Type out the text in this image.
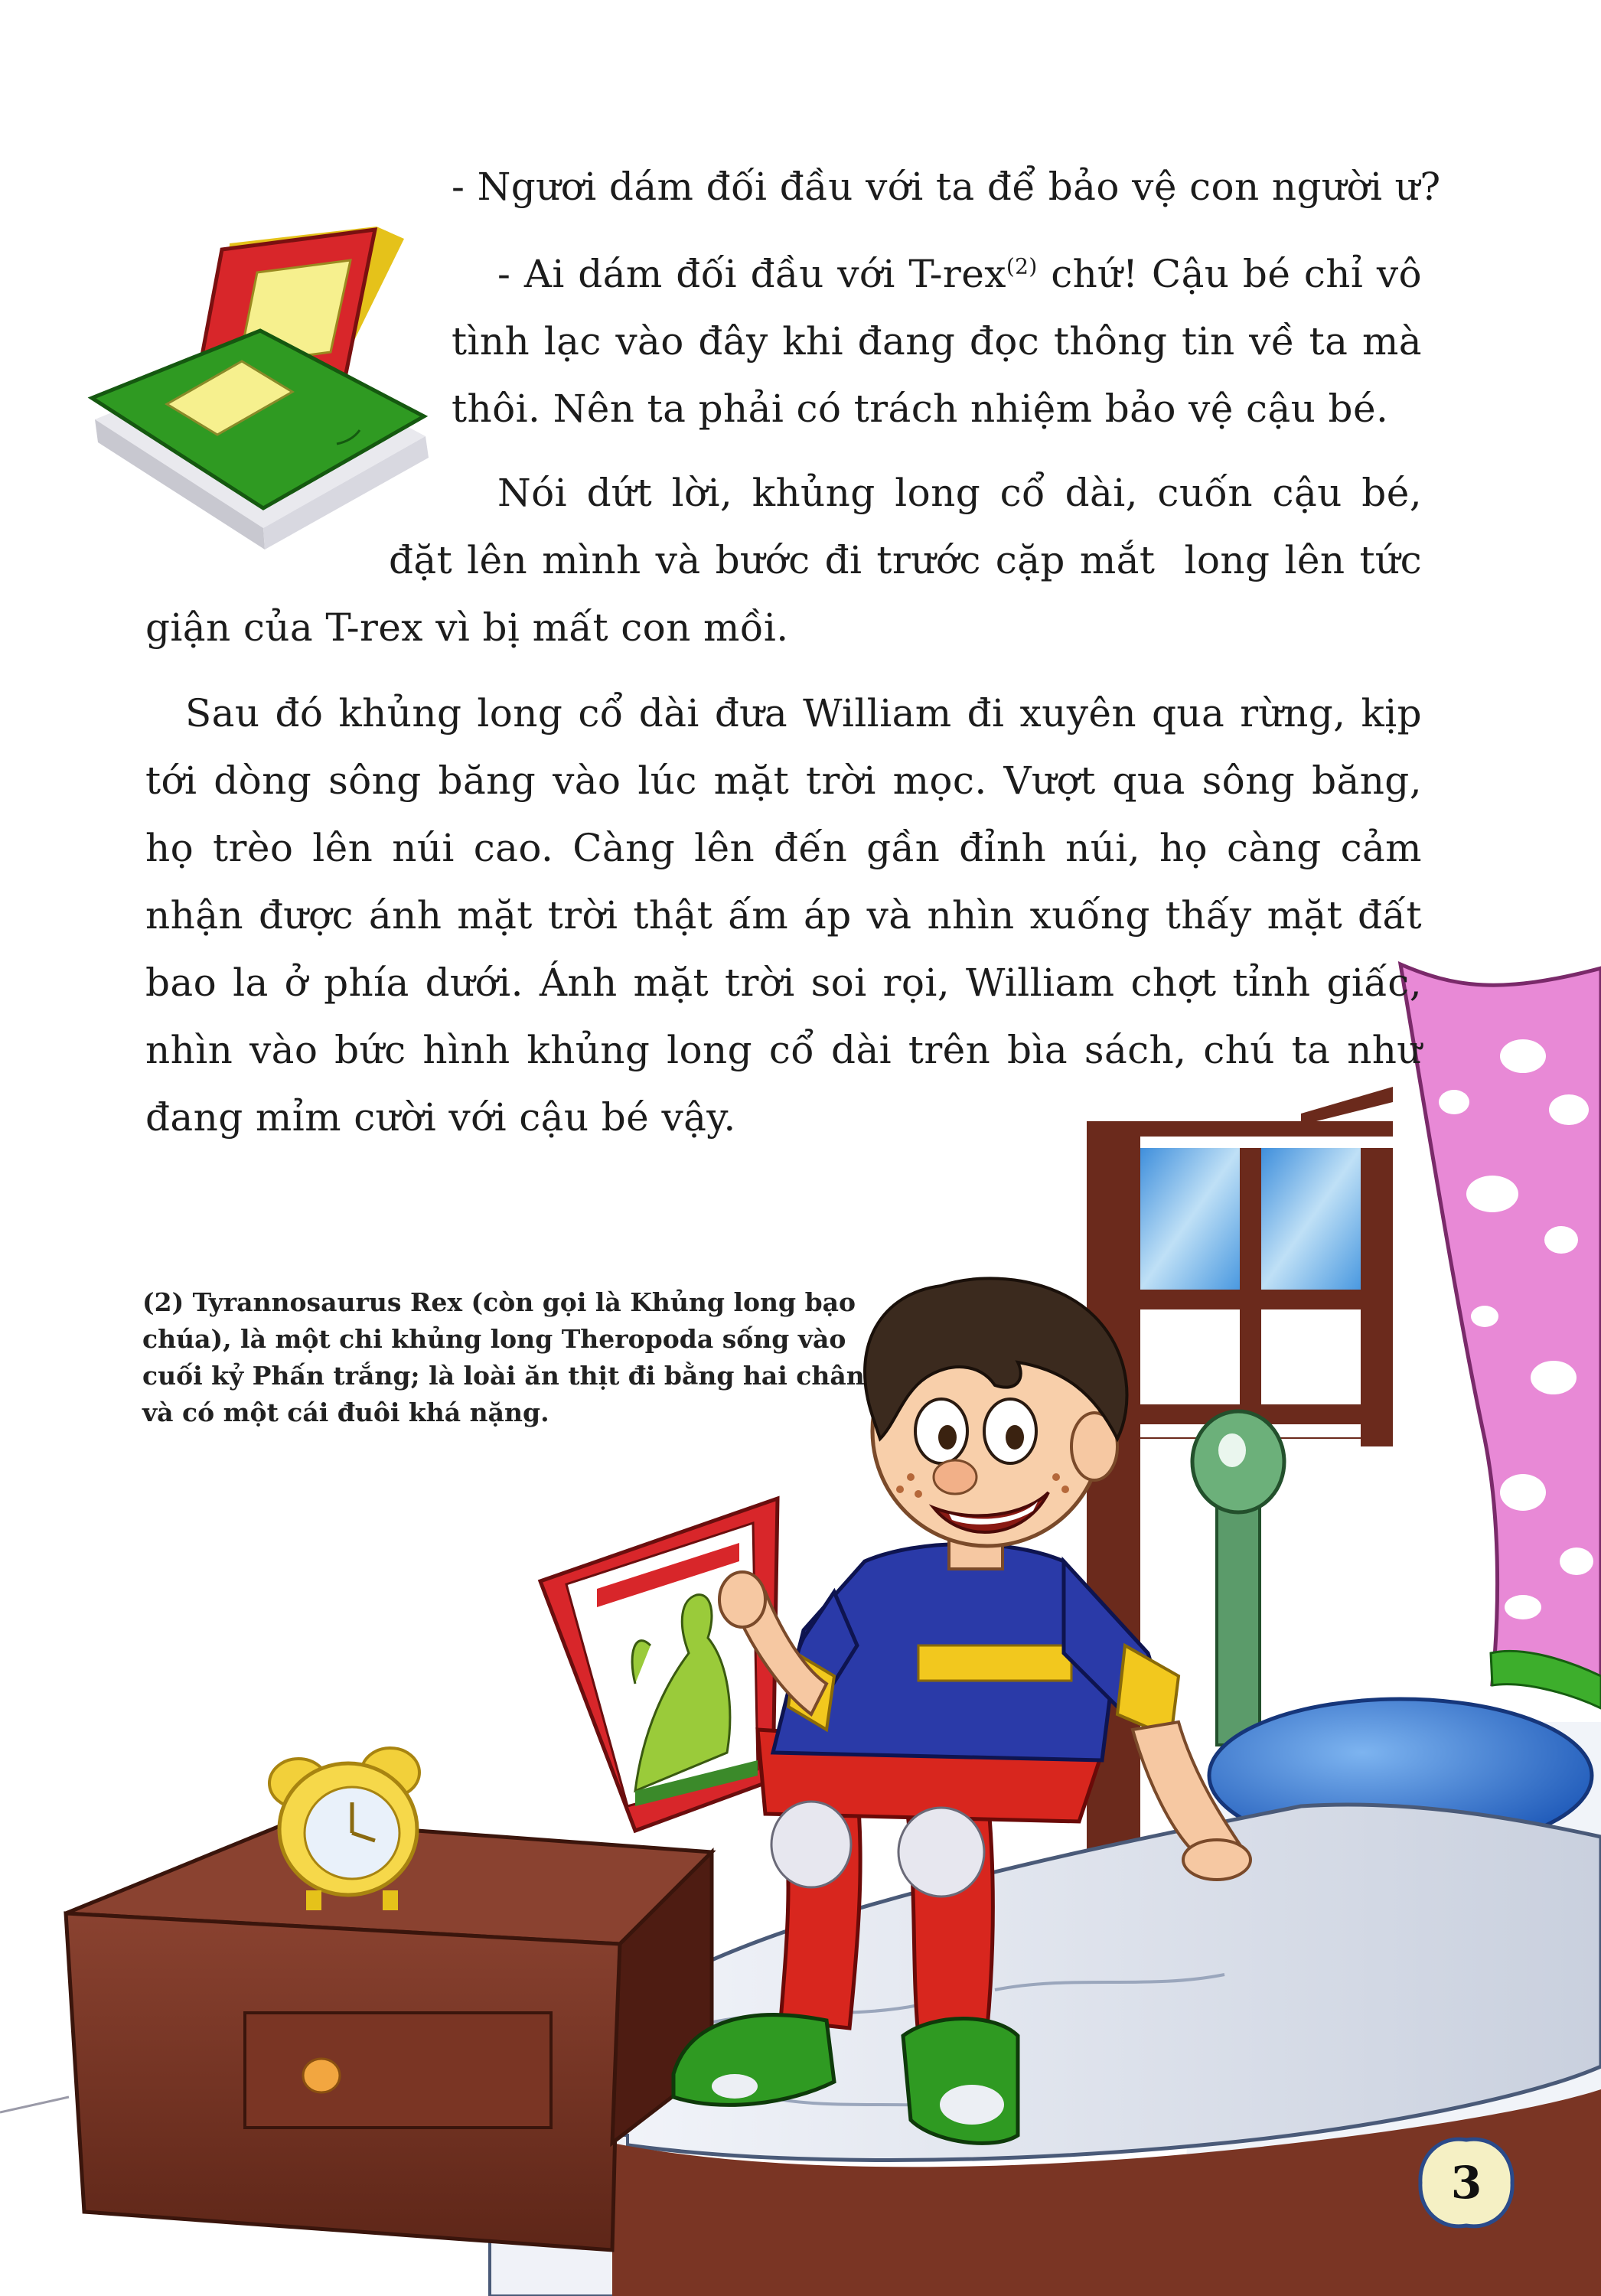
- Ngươi dám đối đầu với ta để bảo vệ con người ư?

- Ai dám đối đầu với T-rex$^{(2)}$ chứ! Cậu bé chỉ vô
tình lạc vào đây khi đang đọc thông tin về ta mà
thôi. Nên ta phải có trách nhiệm bảo vệ cậu bé.

Nói dứt lời, khủng long cổ dài, cuốn cậu bé,
đặt lên mình và bước đi trước cặp mắt  long lên tức
giận của T-rex vì bị mất con mồi.

Sau đó khủng long cổ dài đưa William đi xuyên qua rừng, kịp
tới dòng sông băng vào lúc mặt trời mọc. Vượt qua sông băng,
họ trèo lên núi cao. Càng lên đến gần đỉnh núi, họ càng cảm
nhận được ánh mặt trời thật ấm áp và nhìn xuống thấy mặt đất
bao la ở phía dưới. Ánh mặt trời soi rọi, William chợt tỉnh giấc,
nhìn vào bức hình khủng long cổ dài trên bìa sách, chú ta như
đang mỉm cười với cậu bé vậy.

(2) Tyrannosaurus Rex (còn gọi là Khủng long bạo
chúa), là một chi khủng long Theropoda sống vào
cuối kỷ Phấn trắng; là loài ăn thịt đi bằng hai chân
và có một cái đuôi khá nặng.

3
